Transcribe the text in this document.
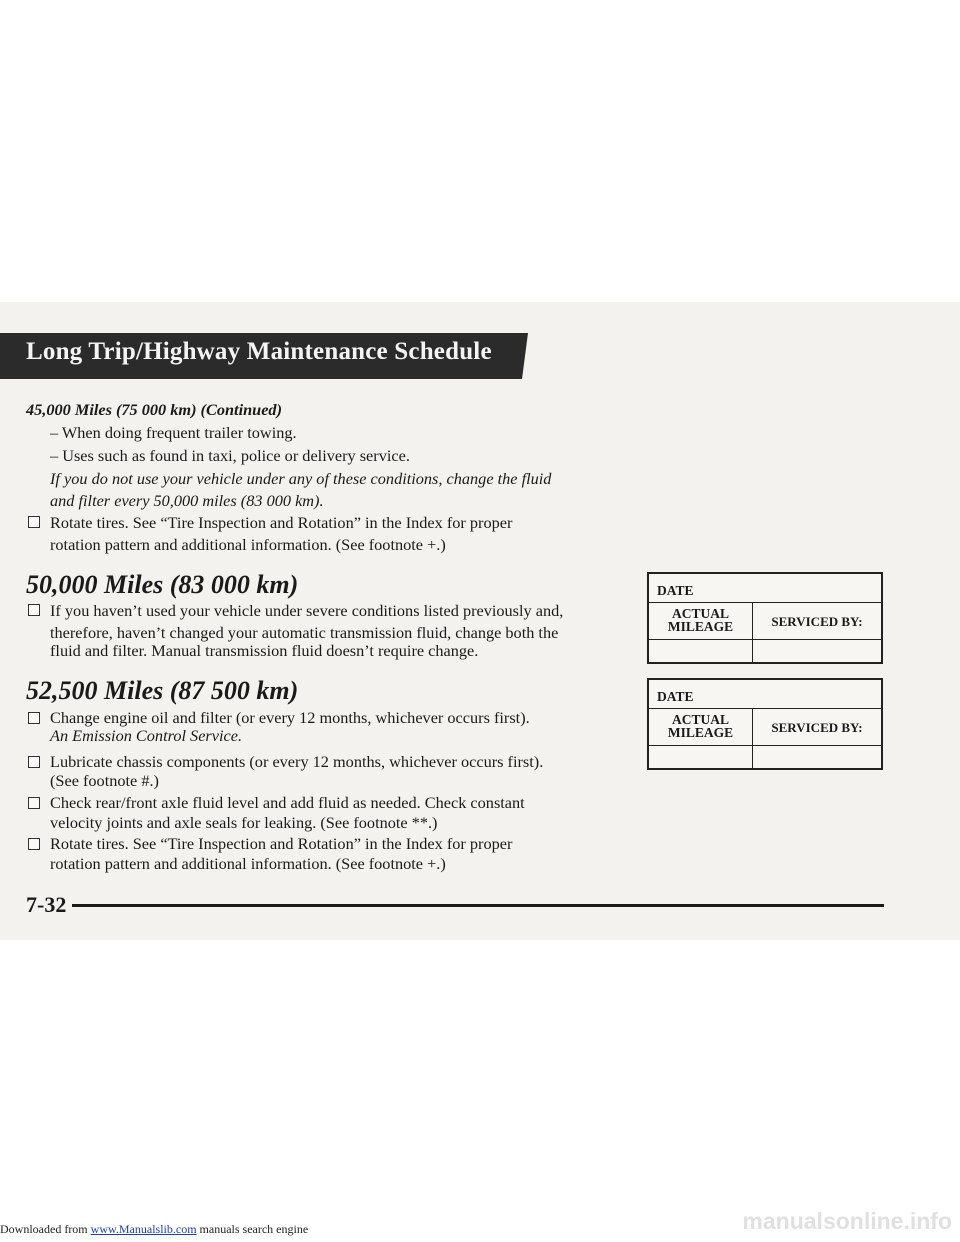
Long Trip/Highway Maintenance Schedule
45,000 Miles (75 000 km) (Continued)
– When doing frequent trailer towing.
– Uses such as found in taxi, police or delivery service.
If you do not use your vehicle under any of these conditions, change the fluid
and filter every 50,000 miles (83 000 km).
Rotate tires. See “Tire Inspection and Rotation” in the Index for proper
rotation pattern and additional information. (See footnote +.)
50,000 Miles (83 000 km)
If you haven’t used your vehicle under severe conditions listed previously and,
therefore, haven’t changed your automatic transmission fluid, change both the
fluid and filter. Manual transmission fluid doesn’t require change.
DATE
ACTUAL
MILEAGE	SERVICED BY:
52,500 Miles (87 500 km)
Change engine oil and filter (or every 12 months, whichever occurs first).
An Emission Control Service.
Lubricate chassis components (or every 12 months, whichever occurs first).
(See footnote #.)
Check rear/front axle fluid level and add fluid as needed. Check constant
velocity joints and axle seals for leaking. (See footnote **.)
Rotate tires. See “Tire Inspection and Rotation” in the Index for proper
rotation pattern and additional information. (See footnote +.)
DATE
ACTUAL
MILEAGE	SERVICED BY:
7-32
manualsonline.info
Downloaded from www.Manualslib.com manuals search engine
